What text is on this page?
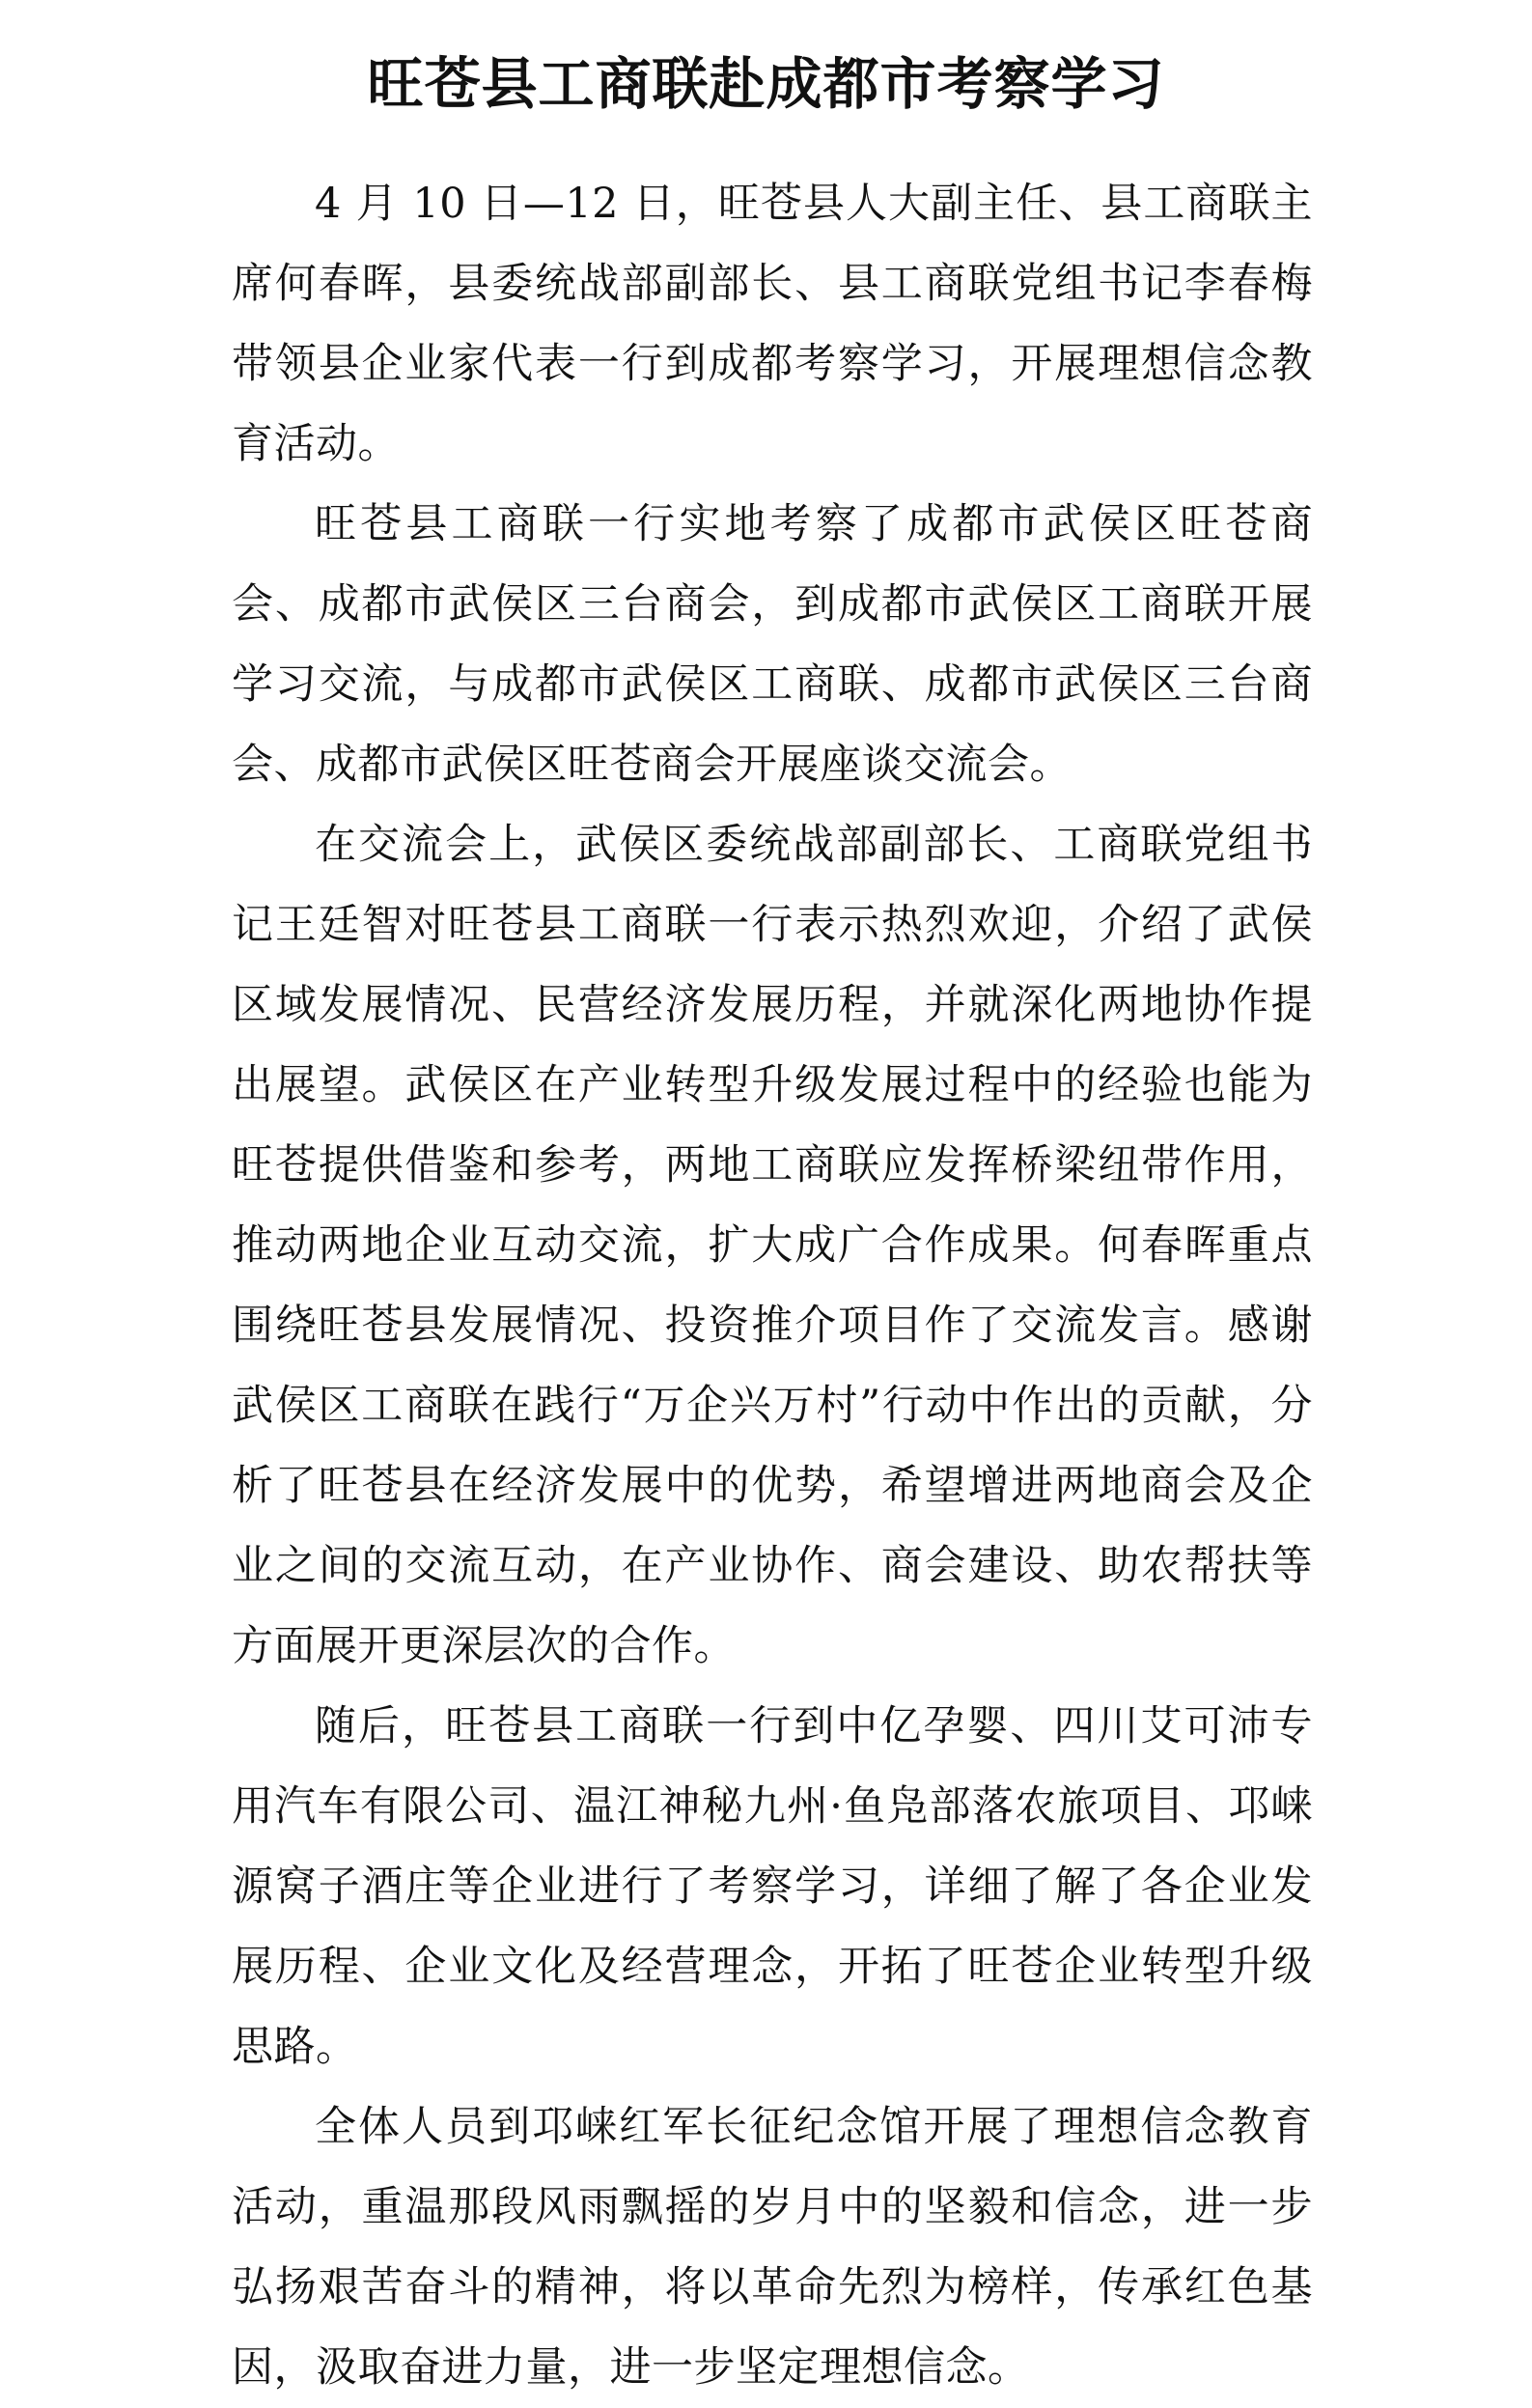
旺苍县工商联赴成都市考察学习

4 月 10 日—12 日，旺苍县人大副主任、县工商联主席何春晖，县委统战部副部长、县工商联党组书记李春梅带领县企业家代表一行到成都考察学习，开展理想信念教育活动。

旺苍县工商联一行实地考察了成都市武侯区旺苍商会、成都市武侯区三台商会，到成都市武侯区工商联开展学习交流，与成都市武侯区工商联、成都市武侯区三台商会、成都市武侯区旺苍商会开展座谈交流会。

在交流会上，武侯区委统战部副部长、工商联党组书记王廷智对旺苍县工商联一行表示热烈欢迎，介绍了武侯区域发展情况、民营经济发展历程，并就深化两地协作提出展望。武侯区在产业转型升级发展过程中的经验也能为旺苍提供借鉴和参考，两地工商联应发挥桥梁纽带作用，推动两地企业互动交流，扩大成广合作成果。何春晖重点围绕旺苍县发展情况、投资推介项目作了交流发言。感谢武侯区工商联在践行“万企兴万村”行动中作出的贡献，分析了旺苍县在经济发展中的优势，希望增进两地商会及企业之间的交流互动，在产业协作、商会建设、助农帮扶等方面展开更深层次的合作。

随后，旺苍县工商联一行到中亿孕婴、四川艾可沛专用汽车有限公司、温江神秘九州·鱼凫部落农旅项目、邛崃源窝子酒庄等企业进行了考察学习，详细了解了各企业发展历程、企业文化及经营理念，开拓了旺苍企业转型升级思路。

全体人员到邛崃红军长征纪念馆开展了理想信念教育活动，重温那段风雨飘摇的岁月中的坚毅和信念，进一步弘扬艰苦奋斗的精神，将以革命先烈为榜样，传承红色基因，汲取奋进力量，进一步坚定理想信念。
